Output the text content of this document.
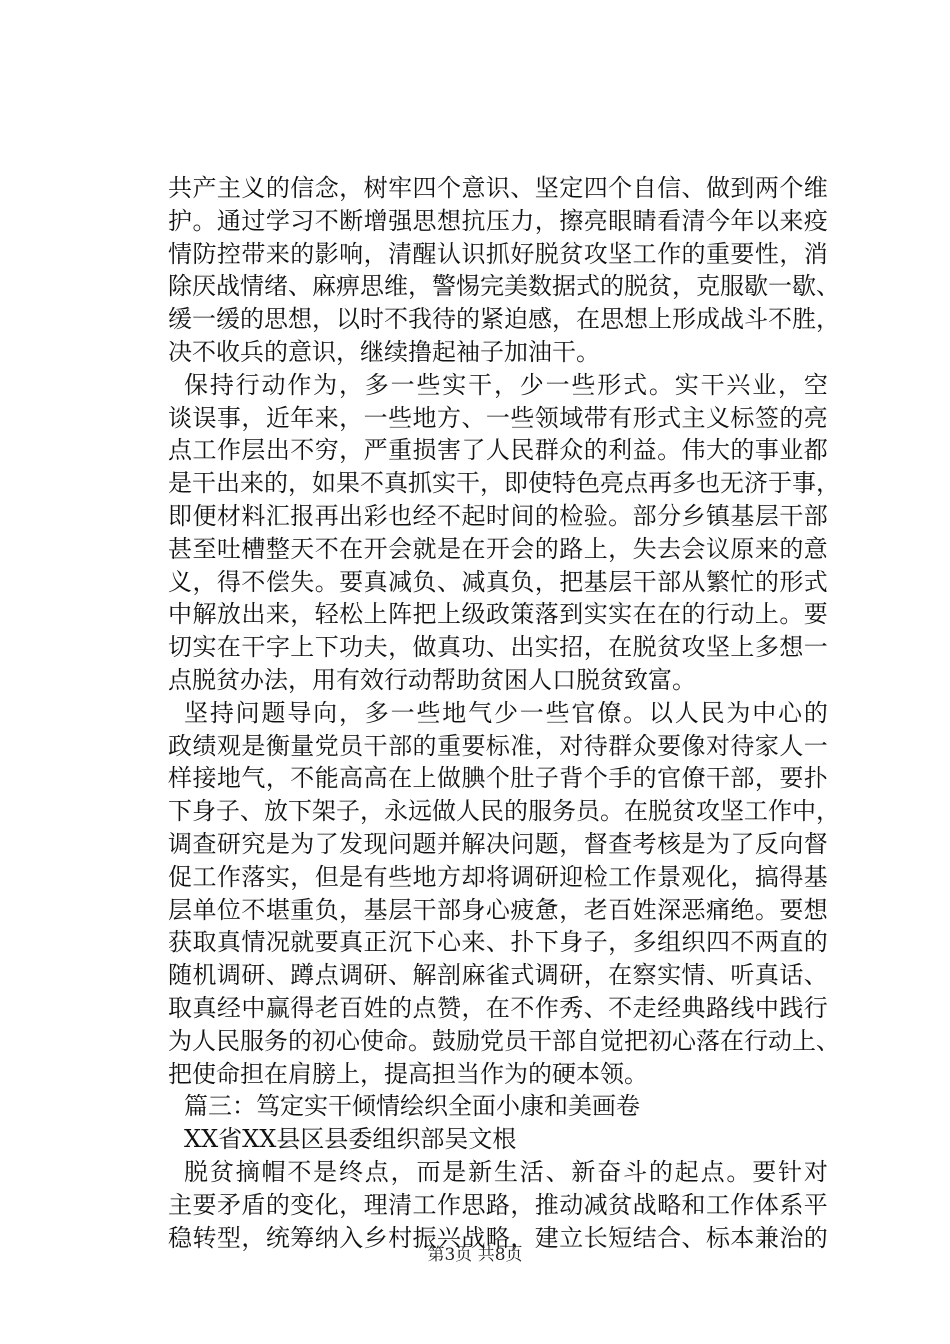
共 产 主 义 的 信 念 ， 树 牢 四 个 意 识 、 坚 定 四 个 自 信 、 做 到 两 个 维
护 。 通 过 学 习 不 断 增 强 思 想 抗 压 力 ， 擦 亮 眼 睛 看 清 今 年 以 来 疫
情 防 控 带 来 的 影 响 ， 清 醒 认 识 抓 好 脱 贫 攻 坚 工 作 的 重 要 性 ， 消
除 厌 战 情 绪 、 麻 痹 思 维 ， 警 惕 完 美 数 据 式 的 脱 贫 ， 克 服 歇 一 歇 、
缓 一 缓 的 思 想 ， 以 时 不 我 待 的 紧 迫 感 ， 在 思 想 上 形 成 战 斗 不 胜 ，
决不收兵的意识，继续撸起袖子加油干。
保 持 行 动 作 为 ， 多 一 些 实 干 ， 少 一 些 形 式 。 实 干 兴 业 ， 空
谈 误 事 ， 近 年 来 ， 一 些 地 方 、 一 些 领 域 带 有 形 式 主 义 标 签 的 亮
点 工 作 层 出 不 穷 ， 严 重 损 害 了 人 民 群 众 的 利 益 。 伟 大 的 事 业 都
是 干 出 来 的 ， 如 果 不 真 抓 实 干 ， 即 使 特 色 亮 点 再 多 也 无 济 于 事 ，
即 便 材 料 汇 报 再 出 彩 也 经 不 起 时 间 的 检 验 。 部 分 乡 镇 基 层 干 部
甚 至 吐 槽 整 天 不 在 开 会 就 是 在 开 会 的 路 上 ， 失 去 会 议 原 来 的 意
义 ， 得 不 偿 失 。 要 真 减 负 、 减 真 负 ， 把 基 层 干 部 从 繁 忙 的 形 式
中 解 放 出 来 ， 轻 松 上 阵 把 上 级 政 策 落 到 实 实 在 在 的 行 动 上 。 要
切 实 在 干 字 上 下 功 夫 ， 做 真 功 、 出 实 招 ， 在 脱 贫 攻 坚 上 多 想 一
点脱贫办法，用有效行动帮助贫困人口脱贫致富。
坚 持 问 题 导 向 ， 多 一 些 地 气 少 一 些 官 僚 。 以 人 民 为 中 心 的
政 绩 观 是 衡 量 党 员 干 部 的 重 要 标 准 ， 对 待 群 众 要 像 对 待 家 人 一
样 接 地 气 ， 不 能 高 高 在 上 做 腆 个 肚 子 背 个 手 的 官 僚 干 部 ， 要 扑
下 身 子 、 放 下 架 子 ， 永 远 做 人 民 的 服 务 员 。 在 脱 贫 攻 坚 工 作 中 ，
调 查 研 究 是 为 了 发 现 问 题 并 解 决 问 题 ， 督 查 考 核 是 为 了 反 向 督
促 工 作 落 实 ， 但 是 有 些 地 方 却 将 调 研 迎 检 工 作 景 观 化 ， 搞 得 基
层 单 位 不 堪 重 负 ， 基 层 干 部 身 心 疲 惫 ， 老 百 姓 深 恶 痛 绝 。 要 想
获 取 真 情 况 就 要 真 正 沉 下 心 来 、 扑 下 身 子 ， 多 组 织 四 不 两 直 的
随 机 调 研 、 蹲 点 调 研 、 解 剖 麻 雀 式 调 研 ， 在 察 实 情 、 听 真 话 、
取 真 经 中 赢 得 老 百 姓 的 点 赞 ， 在 不 作 秀 、 不 走 经 典 路 线 中 践 行
为 人 民 服 务 的 初 心 使 命 。 鼓 励 党 员 干 部 自 觉 把 初 心 落 在 行 动 上 、
把使命担在肩膀上，提高担当作为的硬本领。
篇三：笃定实干倾情绘织全面小康和美画卷
XX省XX县区县委组织部吴文根
脱 贫 摘 帽 不 是 终 点 ， 而 是 新 生 活 、 新 奋 斗 的 起 点 。 要 针 对
主 要 矛 盾 的 变 化 ， 理 清 工 作 思 路 ， 推 动 减 贫 战 略 和 工 作 体 系 平
稳 转 型 ， 统 筹 纳 入 乡 村 振 兴 战 略 ， 建 立 长 短 结 合 、 标 本 兼 治 的
第3页 共8页
